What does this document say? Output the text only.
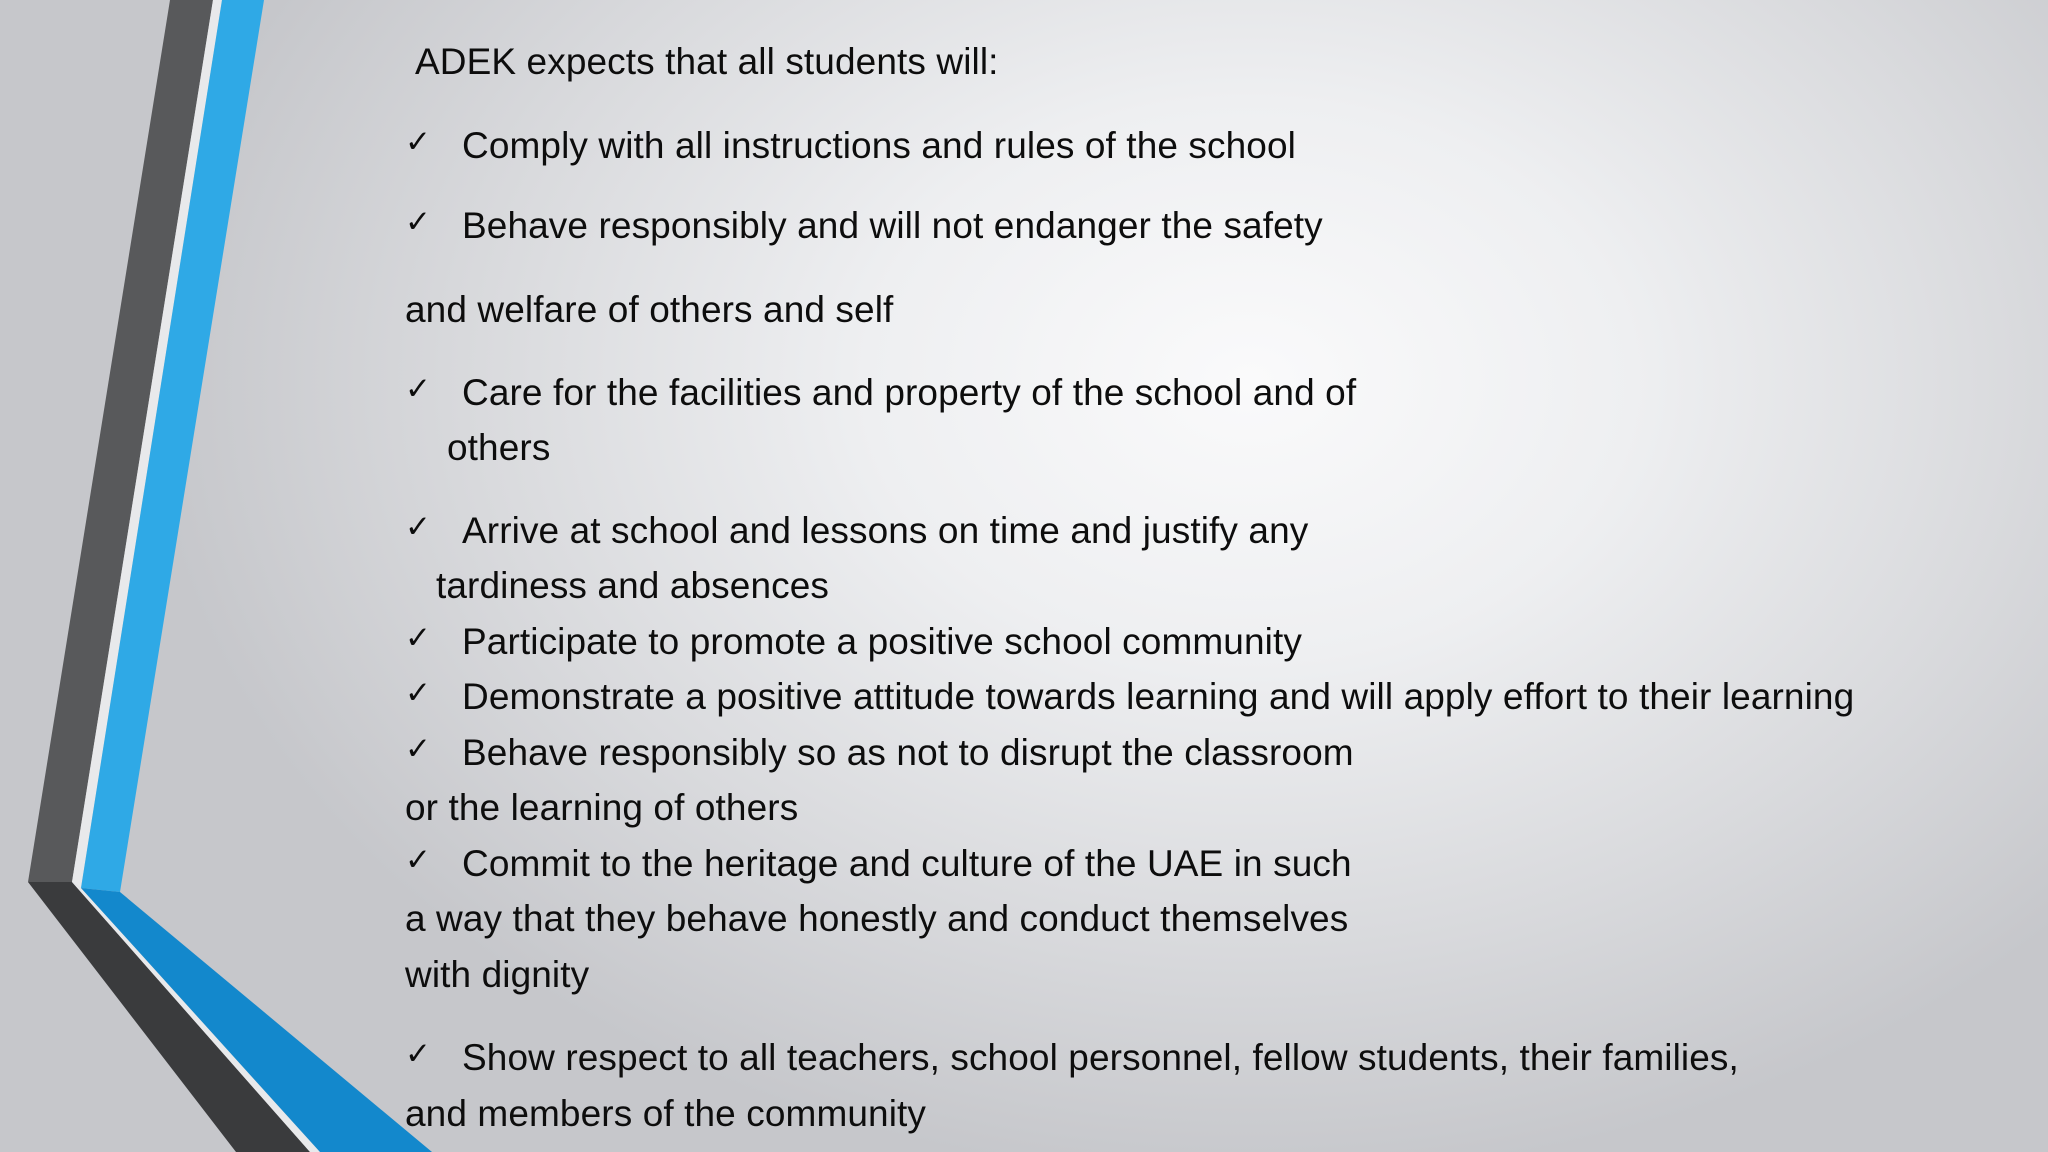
ADEK expects that all students will:
✓ Comply with all instructions and rules of the school
✓ Behave responsibly and will not endanger the safety
and welfare of others and self
✓ Care for the facilities and property of the school and of
others
✓ Arrive at school and lessons on time and justify any
tardiness and absences
✓ Participate to promote a positive school community
✓ Demonstrate a positive attitude towards learning and will apply effort to their learning
✓ Behave responsibly so as not to disrupt the classroom
or the learning of others
✓ Commit to the heritage and culture of the UAE in such
a way that they behave honestly and conduct themselves
with dignity
✓ Show respect to all teachers, school personnel, fellow students, their families,
and members of the community
